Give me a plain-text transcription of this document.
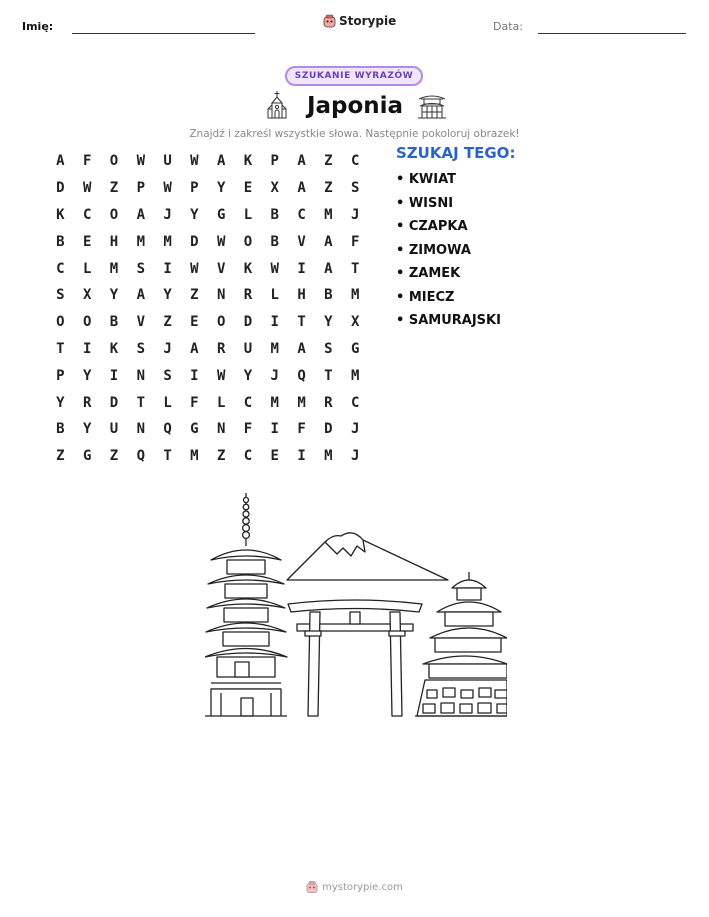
Imię:	Storypie	Data:
SZUKANIE WYRAZÓW
Japonia
Znajdź i zakreśl wszystkie słowa. Następnie pokoloruj obrazek!
A	F	O	W	U	W	A	K	P	A	Z	C
D	W	Z	P	W	P	Y	E	X	A	Z	S
K	C	O	A	J	Y	G	L	B	C	M	J
B	E	H	M	M	D	W	O	B	V	A	F
C	L	M	S	I	W	V	K	W	I	A	T
S	X	Y	A	Y	Z	N	R	L	H	B	M
O	O	B	V	Z	E	O	D	I	T	Y	X
T	I	K	S	J	A	R	U	M	A	S	G
P	Y	I	N	S	I	W	Y	J	Q	T	M
Y	R	D	T	L	F	L	C	M	M	R	C
B	Y	U	N	Q	G	N	F	I	F	D	J
Z	G	Z	Q	T	M	Z	C	E	I	M	J
SZUKAJ TEGO:
• KWIAT
• WISNI
• CZAPKA
• ZIMOWA
• ZAMEK
• MIECZ
• SAMURAJSKI
mystorypie.com
